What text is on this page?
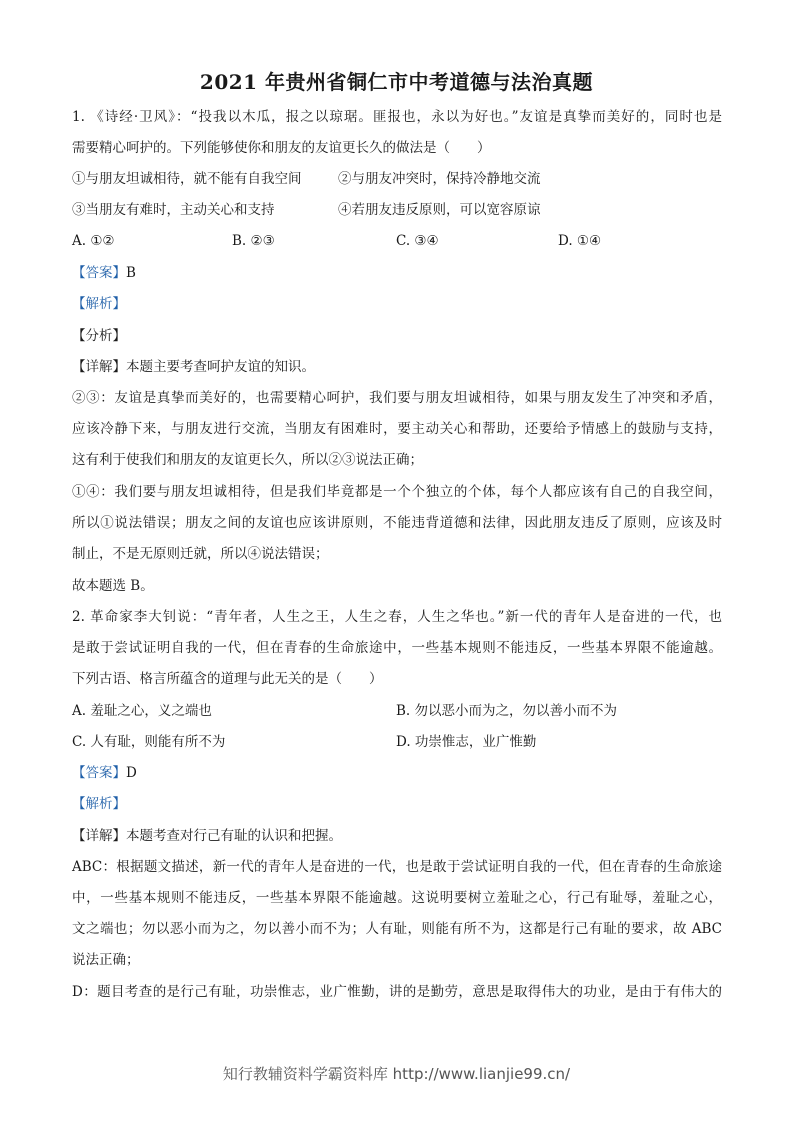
2021 年贵州省铜仁市中考道德与法治真题
1. 《诗经·卫风》：“投我以木瓜，报之以琼琚。匪报也，永以为好也。”友谊是真挚而美好的，同时也是
需要精心呵护的。下列能够使你和朋友的友谊更长久的做法是（　　）
①与朋友坦诚相待，就不能有自我空间	②与朋友冲突时，保持冷静地交流
③当朋友有难时，主动关心和支持	④若朋友违反原则，可以宽容原谅
A. ①②	B. ②③	C. ③④	D. ①④
【答案】B
【解析】
【分析】
【详解】本题主要考查呵护友谊的知识。
②③：友谊是真挚而美好的，也需要精心呵护，我们要与朋友坦诚相待，如果与朋友发生了冲突和矛盾，
应该冷静下来，与朋友进行交流，当朋友有困难时，要主动关心和帮助，还要给予情感上的鼓励与支持，
这有利于使我们和朋友的友谊更长久，所以②③说法正确；
①④：我们要与朋友坦诚相待，但是我们毕竟都是一个个独立的个体，每个人都应该有自己的自我空间，
所以①说法错误；朋友之间的友谊也应该讲原则，不能违背道德和法律，因此朋友违反了原则，应该及时
制止，不是无原则迁就，所以④说法错误；
故本题选 B。
2. 革命家李大钊说：“青年者，人生之王，人生之春，人生之华也。”新一代的青年人是奋进的一代，也
是敢于尝试证明自我的一代，但在青春的生命旅途中，一些基本规则不能违反，一些基本界限不能逾越。
下列古语、格言所蕴含的道理与此无关的是（　　）
A. 羞耻之心，义之端也	B. 勿以恶小而为之，勿以善小而不为
C. 人有耻，则能有所不为	D. 功崇惟志，业广惟勤
【答案】D
【解析】
【详解】本题考查对行己有耻的认识和把握。
ABC：根据题文描述，新一代的青年人是奋进的一代，也是敢于尝试证明自我的一代，但在青春的生命旅途
中，一些基本规则不能违反，一些基本界限不能逾越。这说明要树立羞耻之心，行己有耻辱，羞耻之心，
文之端也；勿以恶小而为之，勿以善小而不为；人有耻，则能有所不为，这都是行己有耻的要求，故 ABC
说法正确；
D：题目考查的是行己有耻，功崇惟志，业广惟勤，讲的是勤劳，意思是取得伟大的功业，是由于有伟大的
知行教辅资料学霸资料库 http://www.lianjie99.cn/
